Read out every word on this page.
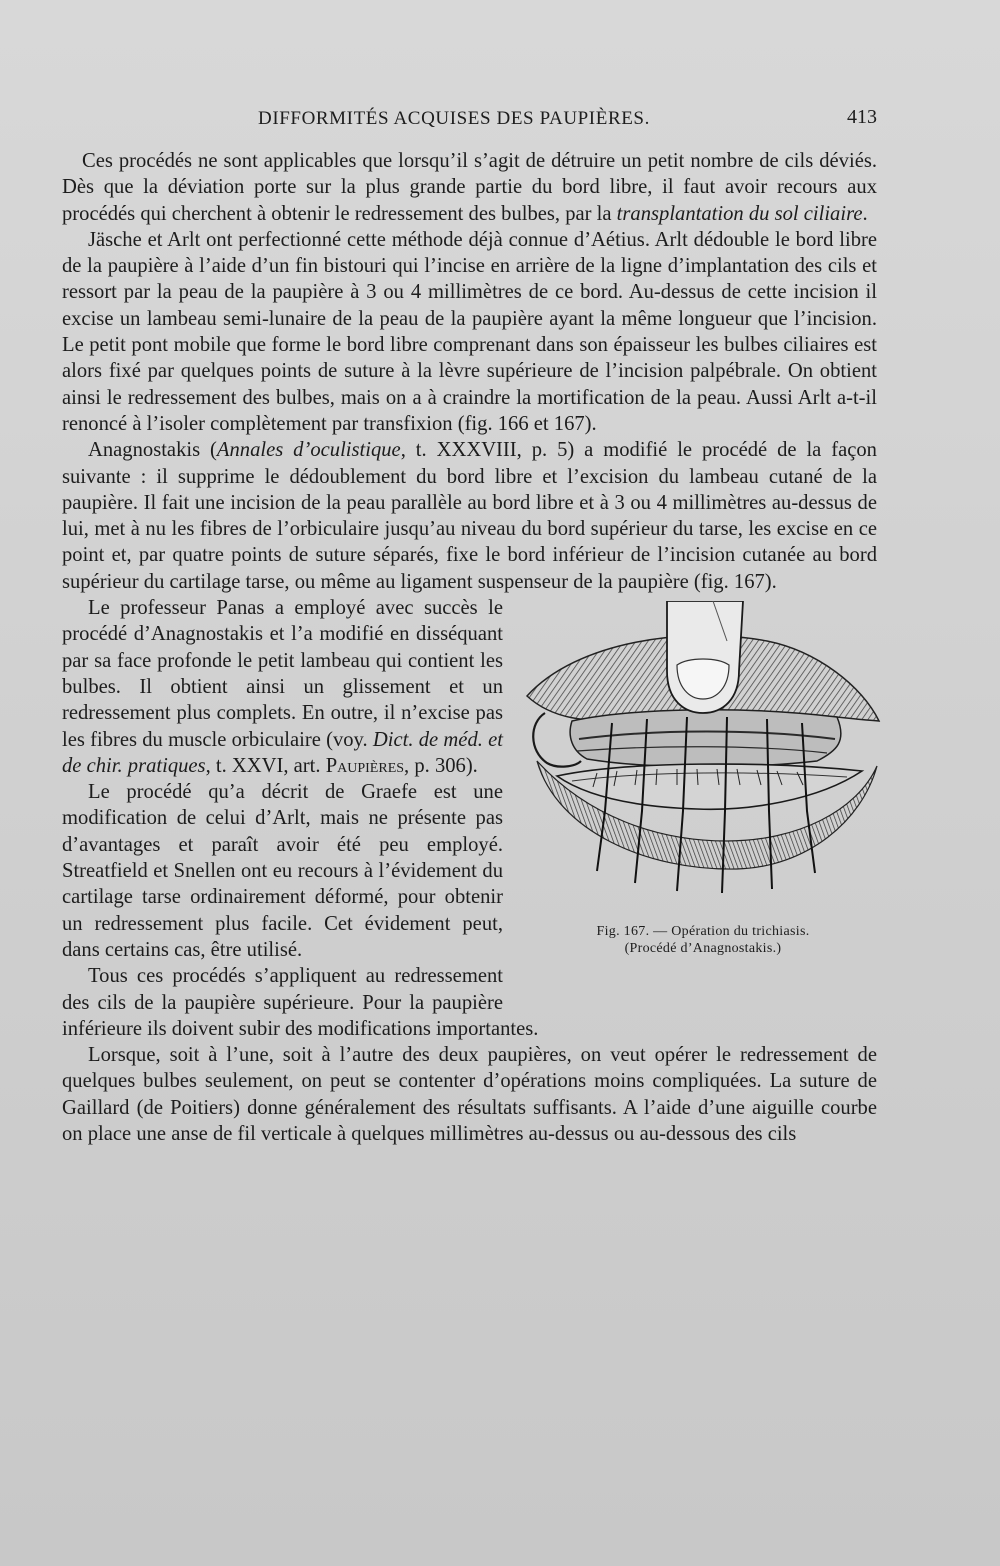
DIFFORMITÉS ACQUISES DES PAUPIÈRES.	413

Ces procédés ne sont applicables que lorsqu’il s’agit de détruire un petit nombre de cils déviés. Dès que la déviation porte sur la plus grande partie du bord libre, il faut avoir recours aux procédés qui cherchent à obtenir le redressement des bulbes, par la transplantation du sol ciliaire.

Jäsche et Arlt ont perfectionné cette méthode déjà connue d’Aétius. Arlt dédouble le bord libre de la paupière à l’aide d’un fin bistouri qui l’incise en arrière de la ligne d’implantation des cils et ressort par la peau de la paupière à 3 ou 4 millimètres de ce bord. Au-dessus de cette incision il excise un lambeau semi-lunaire de la peau de la paupière ayant la même longueur que l’incision. Le petit pont mobile que forme le bord libre comprenant dans son épaisseur les bulbes ciliaires est alors fixé par quelques points de suture à la lèvre supérieure de l’incision palpébrale. On obtient ainsi le redressement des bulbes, mais on a à craindre la mortification de la peau. Aussi Arlt a-t-il renoncé à l’isoler complètement par transfixion (fig. 166 et 167).

Anagnostakis (Annales d’oculistique, t. XXXVIII, p. 5) a modifié le procédé de la façon suivante : il supprime le dédoublement du bord libre et l’excision du lambeau cutané de la paupière. Il fait une incision de la peau parallèle au bord libre et à 3 ou 4 millimètres au-dessus de lui, met à nu les fibres de l’orbiculaire jusqu’au niveau du bord supérieur du tarse, les excise en ce point et, par quatre points de suture séparés, fixe le bord inférieur de l’incision cutanée au bord supérieur du cartilage tarse, ou même au ligament suspenseur de la paupière (fig. 167).

Fig. 167. — Opération du trichiasis.
(Procédé d’Anagnostakis.)

Le professeur Panas a employé avec succès le procédé d’Anagnostakis et l’a modifié en disséquant par sa face profonde le petit lambeau qui contient les bulbes. Il obtient ainsi un glissement et un redressement plus complets. En outre, il n’excise pas les fibres du muscle orbiculaire (voy. Dict. de méd. et de chir. pratiques, t. XXVI, art. Paupières, p. 306).

Le procédé qu’a décrit de Graefe est une modification de celui d’Arlt, mais ne présente pas d’avantages et paraît avoir été peu employé. Streatfield et Snellen ont eu recours à l’évidement du cartilage tarse ordinairement déformé, pour obtenir un redressement plus facile. Cet évidement peut, dans certains cas, être utilisé.

Tous ces procédés s’appliquent au redressement des cils de la paupière supérieure. Pour la paupière inférieure ils doivent subir des modifications importantes.

Lorsque, soit à l’une, soit à l’autre des deux paupières, on veut opérer le redressement de quelques bulbes seulement, on peut se contenter d’opérations moins compliquées. La suture de Gaillard (de Poitiers) donne généralement des résultats suffisants. A l’aide d’une aiguille courbe on place une anse de fil verticale à quelques millimètres au-dessus ou au-dessous des cils
